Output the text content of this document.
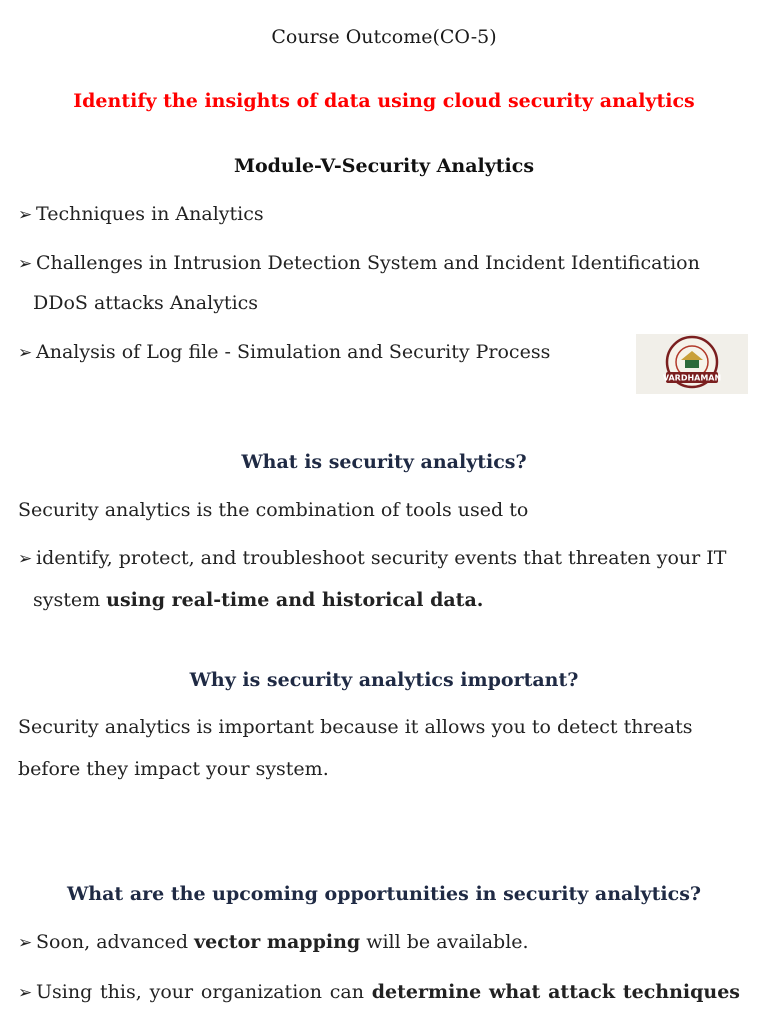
Course Outcome(CO-5)
Identify the insights of data using cloud security analytics
Module-V-Security Analytics
➢ Techniques in Analytics
➢ Challenges in Intrusion Detection System and Incident Identification
DDoS attacks Analytics
➢ Analysis of Log file - Simulation and Security Process
VARDHAMAN
What is security analytics?
Security analytics is the combination of tools used to
➢ identify, protect, and troubleshoot security events that threaten your IT
system using real-time and historical data.
Why is security analytics important?
Security analytics is important because it allows you to detect threats
before they impact your system.
What are the upcoming opportunities in security analytics?
➢ Soon, advanced vector mapping will be available.
➢ Using this, your organization can determine what attack techniques
